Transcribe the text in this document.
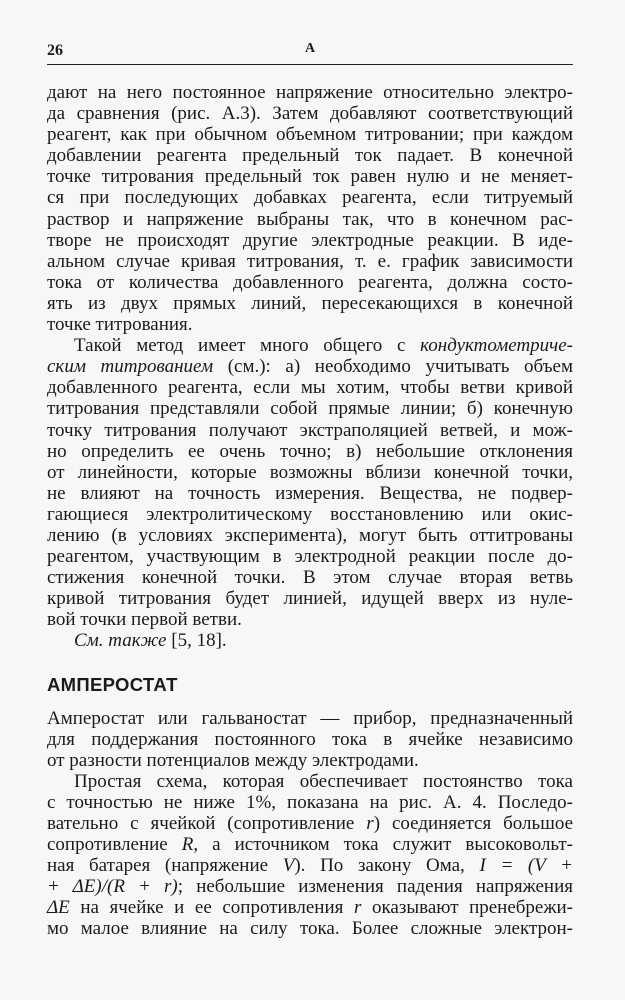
26	A
дают на него постоянное напряжение относительно электро-
да сравнения (рис. А.3). Затем добавляют соответствующий
реагент, как при обычном объемном титровании; при каждом
добавлении реагента предельный ток падает. В конечной
точке титрования предельный ток равен нулю и не меняет-
ся при последующих добавках реагента, если титруемый
раствор и напряжение выбраны так, что в конечном рас-
творе не происходят другие электродные реакции. В иде-
альном случае кривая титрования, т. е. график зависимости
тока от количества добавленного реагента, должна состо-
ять из двух прямых линий, пересекающихся в конечной
точке титрования.
Такой метод имеет много общего с кондуктометриче-
ским титрованием (см.): а) необходимо учитывать объем
добавленного реагента, если мы хотим, чтобы ветви кривой
титрования представляли собой прямые линии; б) конечную
точку титрования получают экстраполяцией ветвей, и мож-
но определить ее очень точно; в) небольшие отклонения
от линейности, которые возможны вблизи конечной точки,
не влияют на точность измерения. Вещества, не подвер-
гающиеся электролитическому восстановлению или окис-
лению (в условиях эксперимента), могут быть оттитрованы
реагентом, участвующим в электродной реакции после до-
стижения конечной точки. В этом случае вторая ветвь
кривой титрования будет линией, идущей вверх из нуле-
вой точки первой ветви.
См. также [5, 18].
АМПЕРОСТАТ
Амперостат или гальваностат — прибор, предназначенный
для поддержания постоянного тока в ячейке независимо
от разности потенциалов между электродами.
Простая схема, которая обеспечивает постоянство тока
с точностью не ниже 1%, показана на рис. А. 4. Последо-
вательно с ячейкой (сопротивление r) соединяется большое
сопротивление R, а источником тока служит высоковольт-
ная батарея (напряжение V). По закону Ома, I = (V +
+ ΔE)/(R + r); небольшие изменения падения напряжения
ΔE на ячейке и ее сопротивления r оказывают пренебрежи-
мо малое влияние на силу тока. Более сложные электрон-
